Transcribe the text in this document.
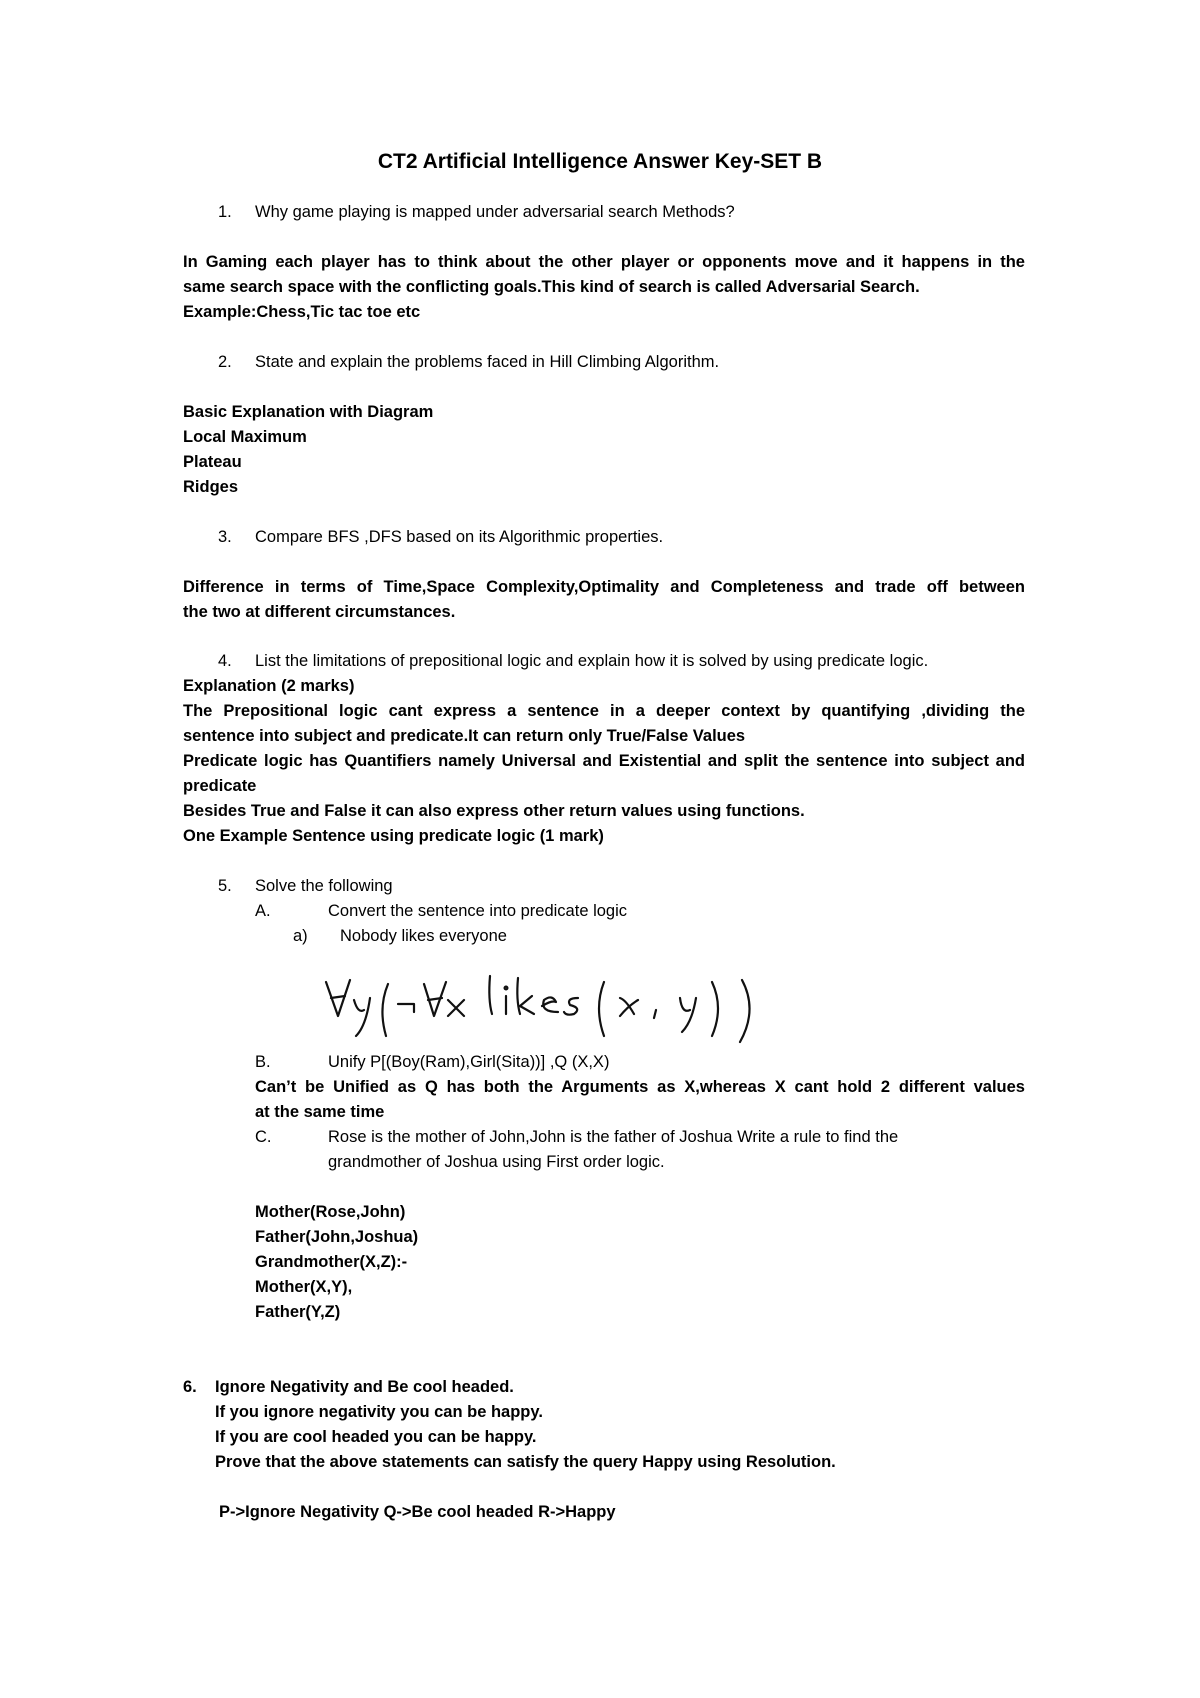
CT2 Artificial Intelligence Answer Key-SET B
1. Why game playing is mapped under adversarial search Methods?
In Gaming each player has to think about the other player or opponents move and it happens in the
same search space with the conflicting goals.This kind of search is called Adversarial Search.
Example:Chess,Tic tac toe etc
2. State and explain the problems faced in Hill Climbing Algorithm.
Basic Explanation with Diagram
Local Maximum
Plateau
Ridges
3. Compare BFS ,DFS based on its Algorithmic properties.
Difference in terms of Time,Space Complexity,Optimality and Completeness and trade off between
the two at different circumstances.
4. List the limitations of prepositional logic and explain how it is solved by using predicate logic.
Explanation (2 marks)
The Prepositional logic cant express a sentence in a deeper context by quantifying ,dividing the
sentence into subject and predicate.It can return only True/False Values
Predicate logic has Quantifiers namely Universal and Existential and split the sentence into subject and
predicate
Besides True and False it can also express other return values using functions.
One Example Sentence using predicate logic (1 mark)
5. Solve the following
A.	Convert the sentence into predicate logic
a) Nobody likes everyone
B.	Unify P[(Boy(Ram),Girl(Sita))] ,Q (X,X)
Can’t be Unified as Q has both the Arguments as X,whereas X cant hold 2 different values
at the same time
C.	Rose is the mother of John,John is the father of Joshua Write a rule to find the
grandmother of Joshua using First order logic.
Mother(Rose,John)
Father(John,Joshua)
Grandmother(X,Z):-
Mother(X,Y),
Father(Y,Z)
6. Ignore Negativity and Be cool headed.
If you ignore negativity you can be happy.
If you are cool headed you can be happy.
Prove that the above statements can satisfy the query Happy using Resolution.
P->Ignore Negativity Q->Be cool headed R->Happy
